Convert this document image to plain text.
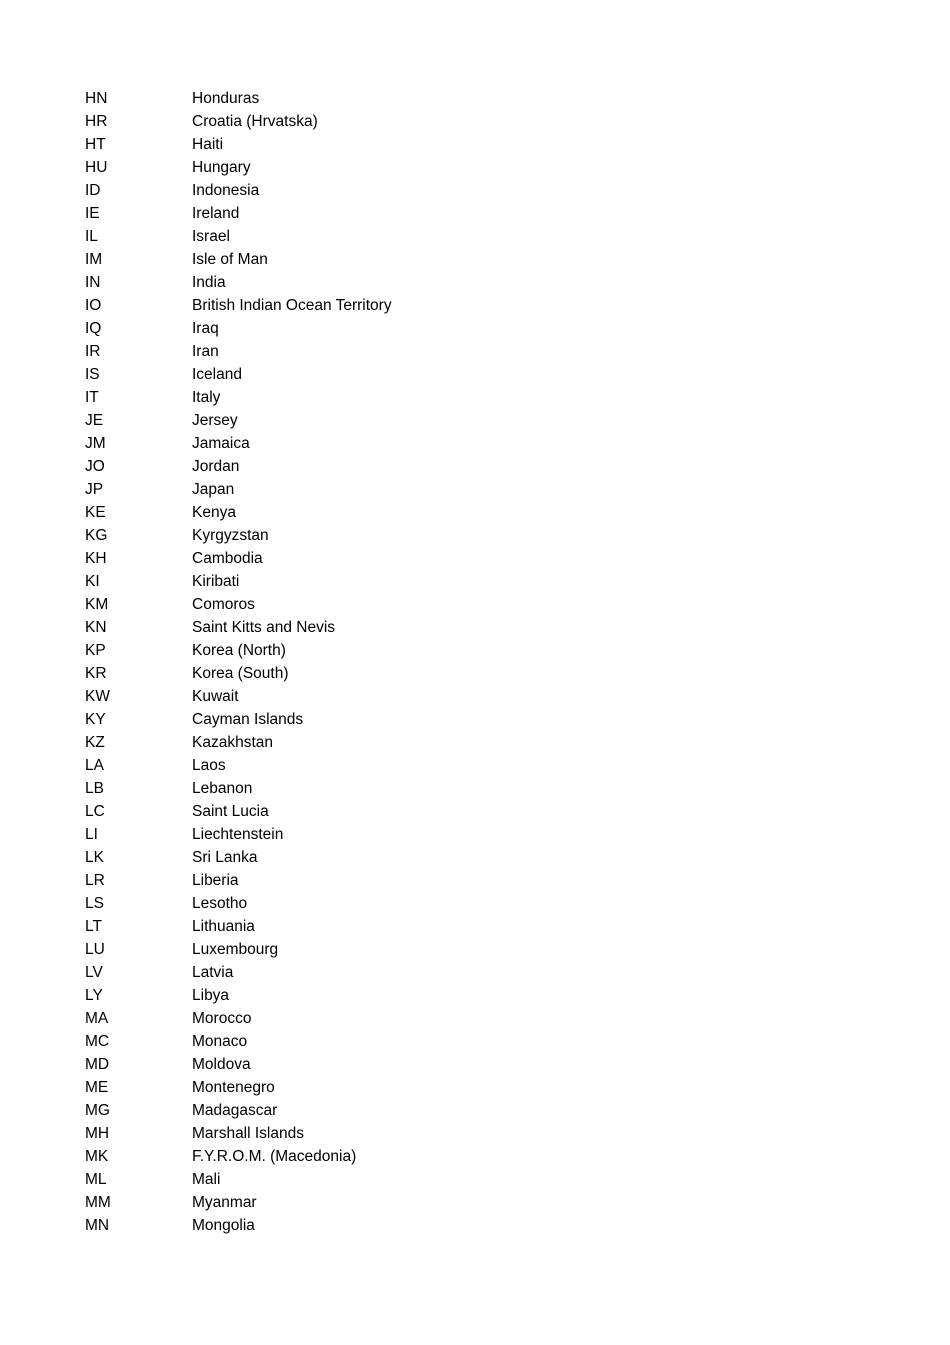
HN	Honduras
HR	Croatia (Hrvatska)
HT	Haiti
HU	Hungary
ID	Indonesia
IE	Ireland
IL	Israel
IM	Isle of Man
IN	India
IO	British Indian Ocean Territory
IQ	Iraq
IR	Iran
IS	Iceland
IT	Italy
JE	Jersey
JM	Jamaica
JO	Jordan
JP	Japan
KE	Kenya
KG	Kyrgyzstan
KH	Cambodia
KI	Kiribati
KM	Comoros
KN	Saint Kitts and Nevis
KP	Korea (North)
KR	Korea (South)
KW	Kuwait
KY	Cayman Islands
KZ	Kazakhstan
LA	Laos
LB	Lebanon
LC	Saint Lucia
LI	Liechtenstein
LK	Sri Lanka
LR	Liberia
LS	Lesotho
LT	Lithuania
LU	Luxembourg
LV	Latvia
LY	Libya
MA	Morocco
MC	Monaco
MD	Moldova
ME	Montenegro
MG	Madagascar
MH	Marshall Islands
MK	F.Y.R.O.M. (Macedonia)
ML	Mali
MM	Myanmar
MN	Mongolia
